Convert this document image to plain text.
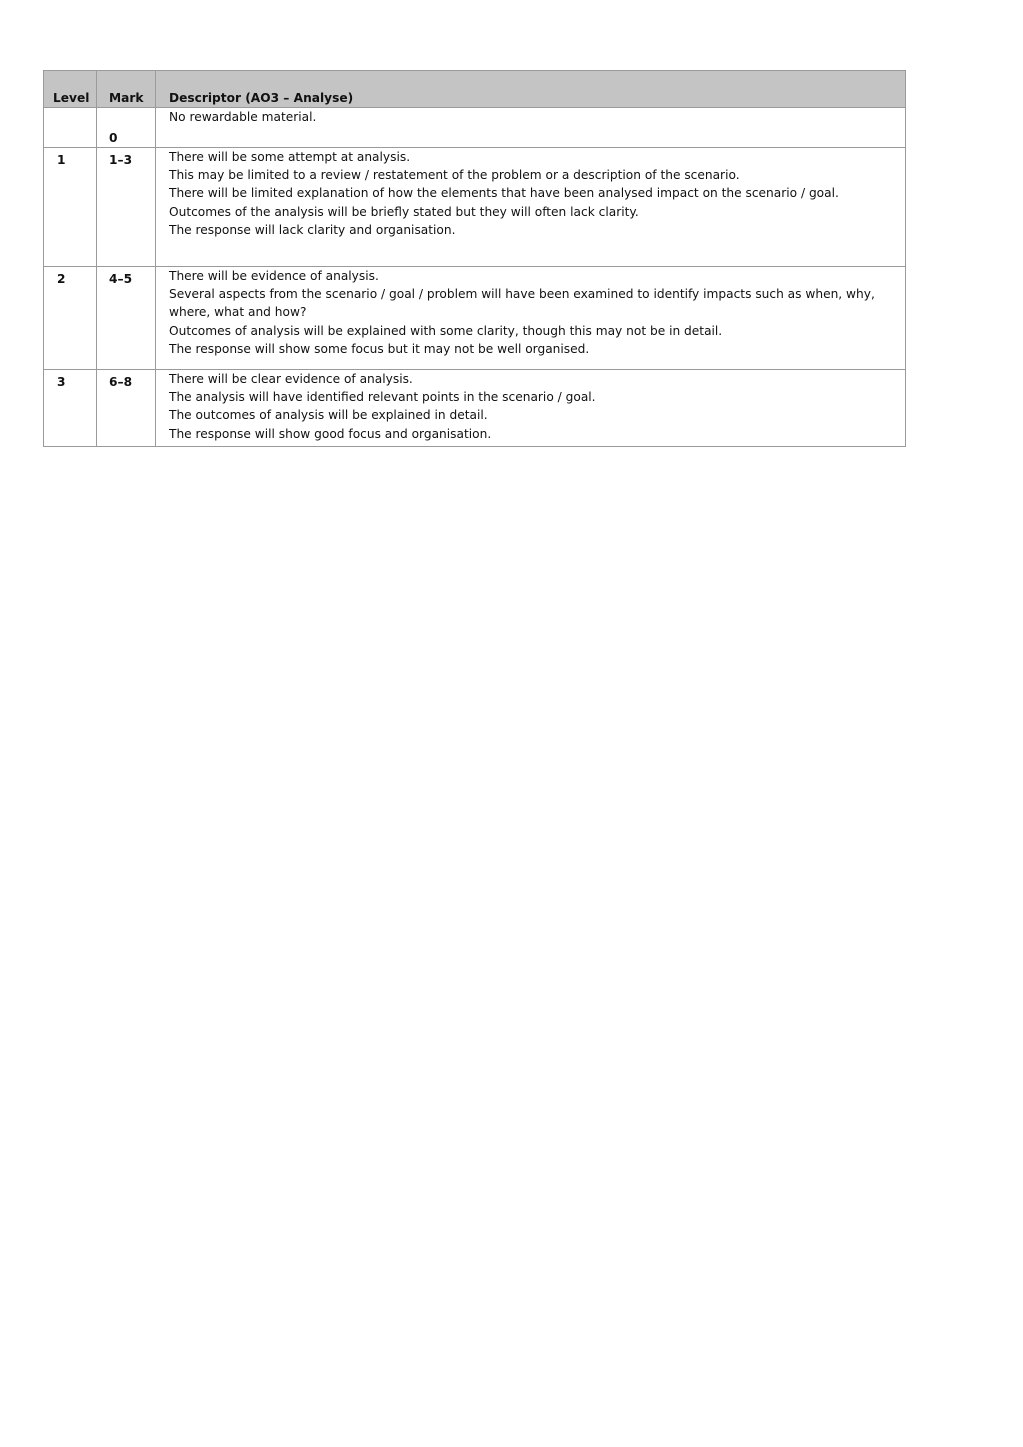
Level	Mark	Descriptor (AO3 – Analyse)
	0	No rewardable material.

1	1–3	There will be some attempt at analysis.
This may be limited to a review / restatement of the problem or a description of the scenario.
There will be limited explanation of how the elements that have been analysed impact on the scenario / goal.
Outcomes of the analysis will be briefly stated but they will often lack clarity.
The response will lack clarity and organisation.

2	4–5	There will be evidence of analysis.
Several aspects from the scenario / goal / problem will have been examined to identify impacts such as when, why, where, what and how?
Outcomes of analysis will be explained with some clarity, though this may not be in detail.
The response will show some focus but it may not be well organised.

3	6–8	There will be clear evidence of analysis.
The analysis will have identified relevant points in the scenario / goal.
The outcomes of analysis will be explained in detail.
The response will show good focus and organisation.
